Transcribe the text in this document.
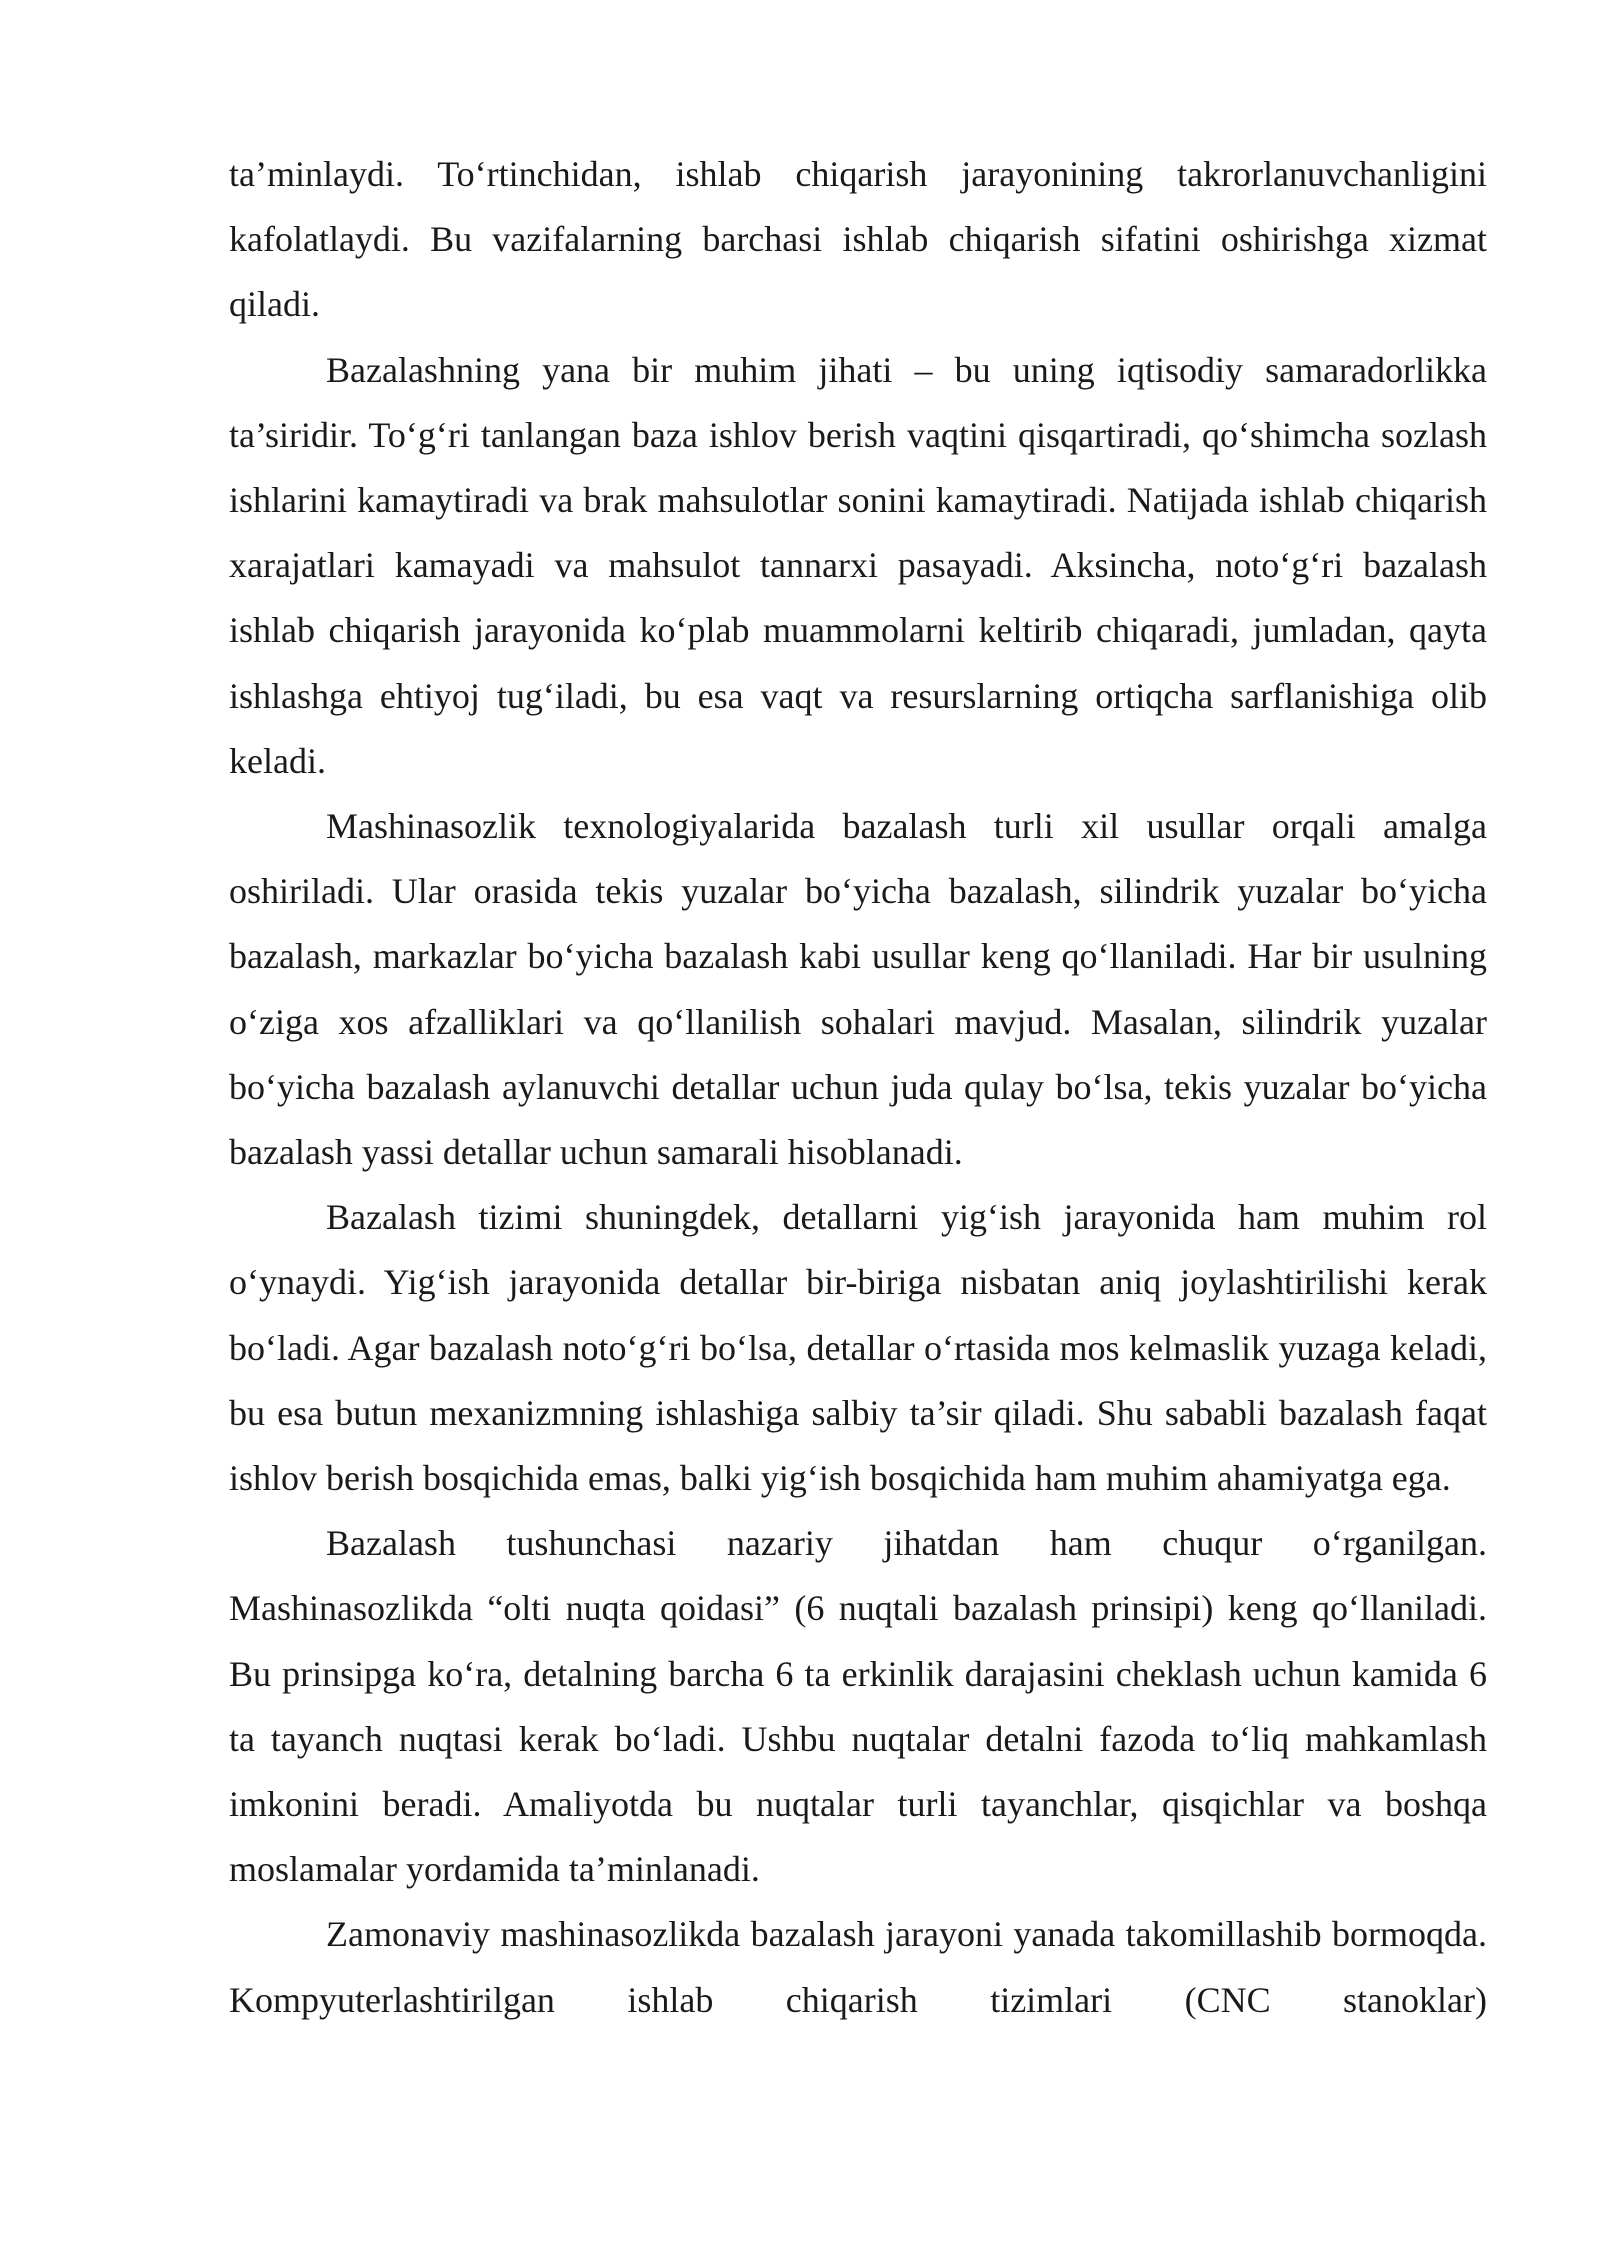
ta’minlaydi. To‘rtinchidan, ishlab chiqarish jarayonining takrorlanuvchanligini kafolatlaydi. Bu vazifalarning barchasi ishlab chiqarish sifatini oshirishga xizmat qiladi.

Bazalashning yana bir muhim jihati – bu uning iqtisodiy samaradorlikka ta’siridir. To‘g‘ri tanlangan baza ishlov berish vaqtini qisqartiradi, qo‘shimcha sozlash ishlarini kamaytiradi va brak mahsulotlar sonini kamaytiradi. Natijada ishlab chiqarish xarajatlari kamayadi va mahsulot tannarxi pasayadi. Aksincha, noto‘g‘ri bazalash ishlab chiqarish jarayonida ko‘plab muammolarni keltirib chiqaradi, jumladan, qayta ishlashga ehtiyoj tug‘iladi, bu esa vaqt va resurslarning ortiqcha sarflanishiga olib keladi.

Mashinasozlik texnologiyalarida bazalash turli xil usullar orqali amalga oshiriladi. Ular orasida tekis yuzalar bo‘yicha bazalash, silindrik yuzalar bo‘yicha bazalash, markazlar bo‘yicha bazalash kabi usullar keng qo‘llaniladi. Har bir usulning o‘ziga xos afzalliklari va qo‘llanilish sohalari mavjud. Masalan, silindrik yuzalar bo‘yicha bazalash aylanuvchi detallar uchun juda qulay bo‘lsa, tekis yuzalar bo‘yicha bazalash yassi detallar uchun samarali hisoblanadi.

Bazalash tizimi shuningdek, detallarni yig‘ish jarayonida ham muhim rol o‘ynaydi. Yig‘ish jarayonida detallar bir-biriga nisbatan aniq joylashtirilishi kerak bo‘ladi. Agar bazalash noto‘g‘ri bo‘lsa, detallar o‘rtasida mos kelmaslik yuzaga keladi, bu esa butun mexanizmning ishlashiga salbiy ta’sir qiladi. Shu sababli bazalash faqat ishlov berish bosqichida emas, balki yig‘ish bosqichida ham muhim ahamiyatga ega.

Bazalash tushunchasi nazariy jihatdan ham chuqur o‘rganilgan. Mashinasozlikda “olti nuqta qoidasi” (6 nuqtali bazalash prinsipi) keng qo‘llaniladi. Bu prinsipga ko‘ra, detalning barcha 6 ta erkinlik darajasini cheklash uchun kamida 6 ta tayanch nuqtasi kerak bo‘ladi. Ushbu nuqtalar detalni fazoda to‘liq mahkamlash imkonini beradi. Amaliyotda bu nuqtalar turli tayanchlar, qisqichlar va boshqa moslamalar yordamida ta’minlanadi.

Zamonaviy mashinasozlikda bazalash jarayoni yanada takomillashib bormoqda. Kompyuterlashtirilgan ishlab chiqarish tizimlari (CNC stanoklar)
